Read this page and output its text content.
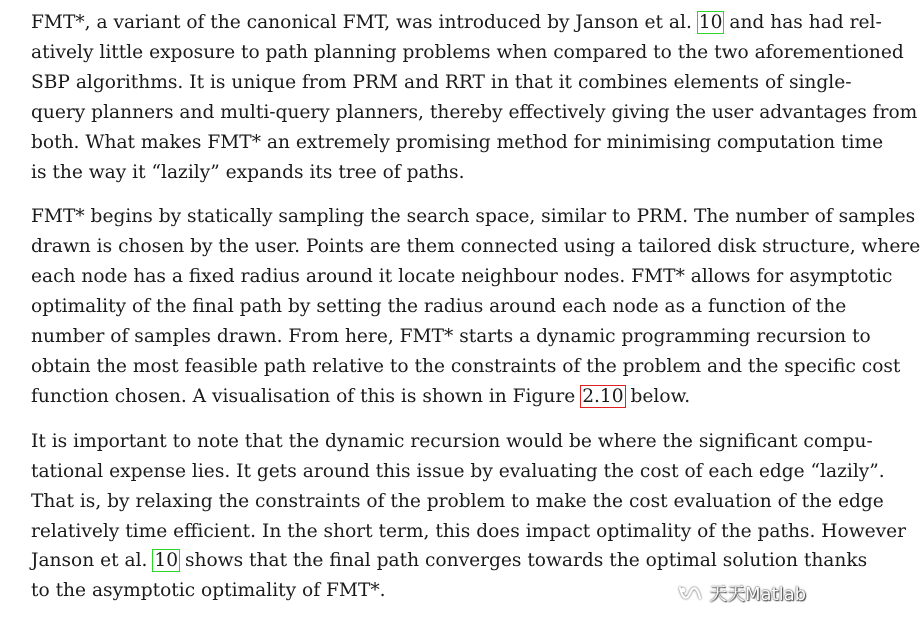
FMT*, a variant of the canonical FMT, was introduced by Janson et al. 10 and has had rel-
atively little exposure to path planning problems when compared to the two aforementioned
SBP algorithms. It is unique from PRM and RRT in that it combines elements of single-
query planners and multi-query planners, thereby effectively giving the user advantages from
both. What makes FMT* an extremely promising method for minimising computation time
is the way it “lazily” expands its tree of paths.

FMT* begins by statically sampling the search space, similar to PRM. The number of samples
drawn is chosen by the user. Points are them connected using a tailored disk structure, where
each node has a fixed radius around it locate neighbour nodes. FMT* allows for asymptotic
optimality of the final path by setting the radius around each node as a function of the
number of samples drawn. From here, FMT* starts a dynamic programming recursion to
obtain the most feasible path relative to the constraints of the problem and the specific cost
function chosen. A visualisation of this is shown in Figure 2.10 below.

It is important to note that the dynamic recursion would be where the significant compu-
tational expense lies. It gets around this issue by evaluating the cost of each edge “lazily”.
That is, by relaxing the constraints of the problem to make the cost evaluation of the edge
relatively time efficient. In the short term, this does impact optimality of the paths. However
Janson et al. 10 shows that the final path converges towards the optimal solution thanks
to the asymptotic optimality of FMT*.	天天Matlab
